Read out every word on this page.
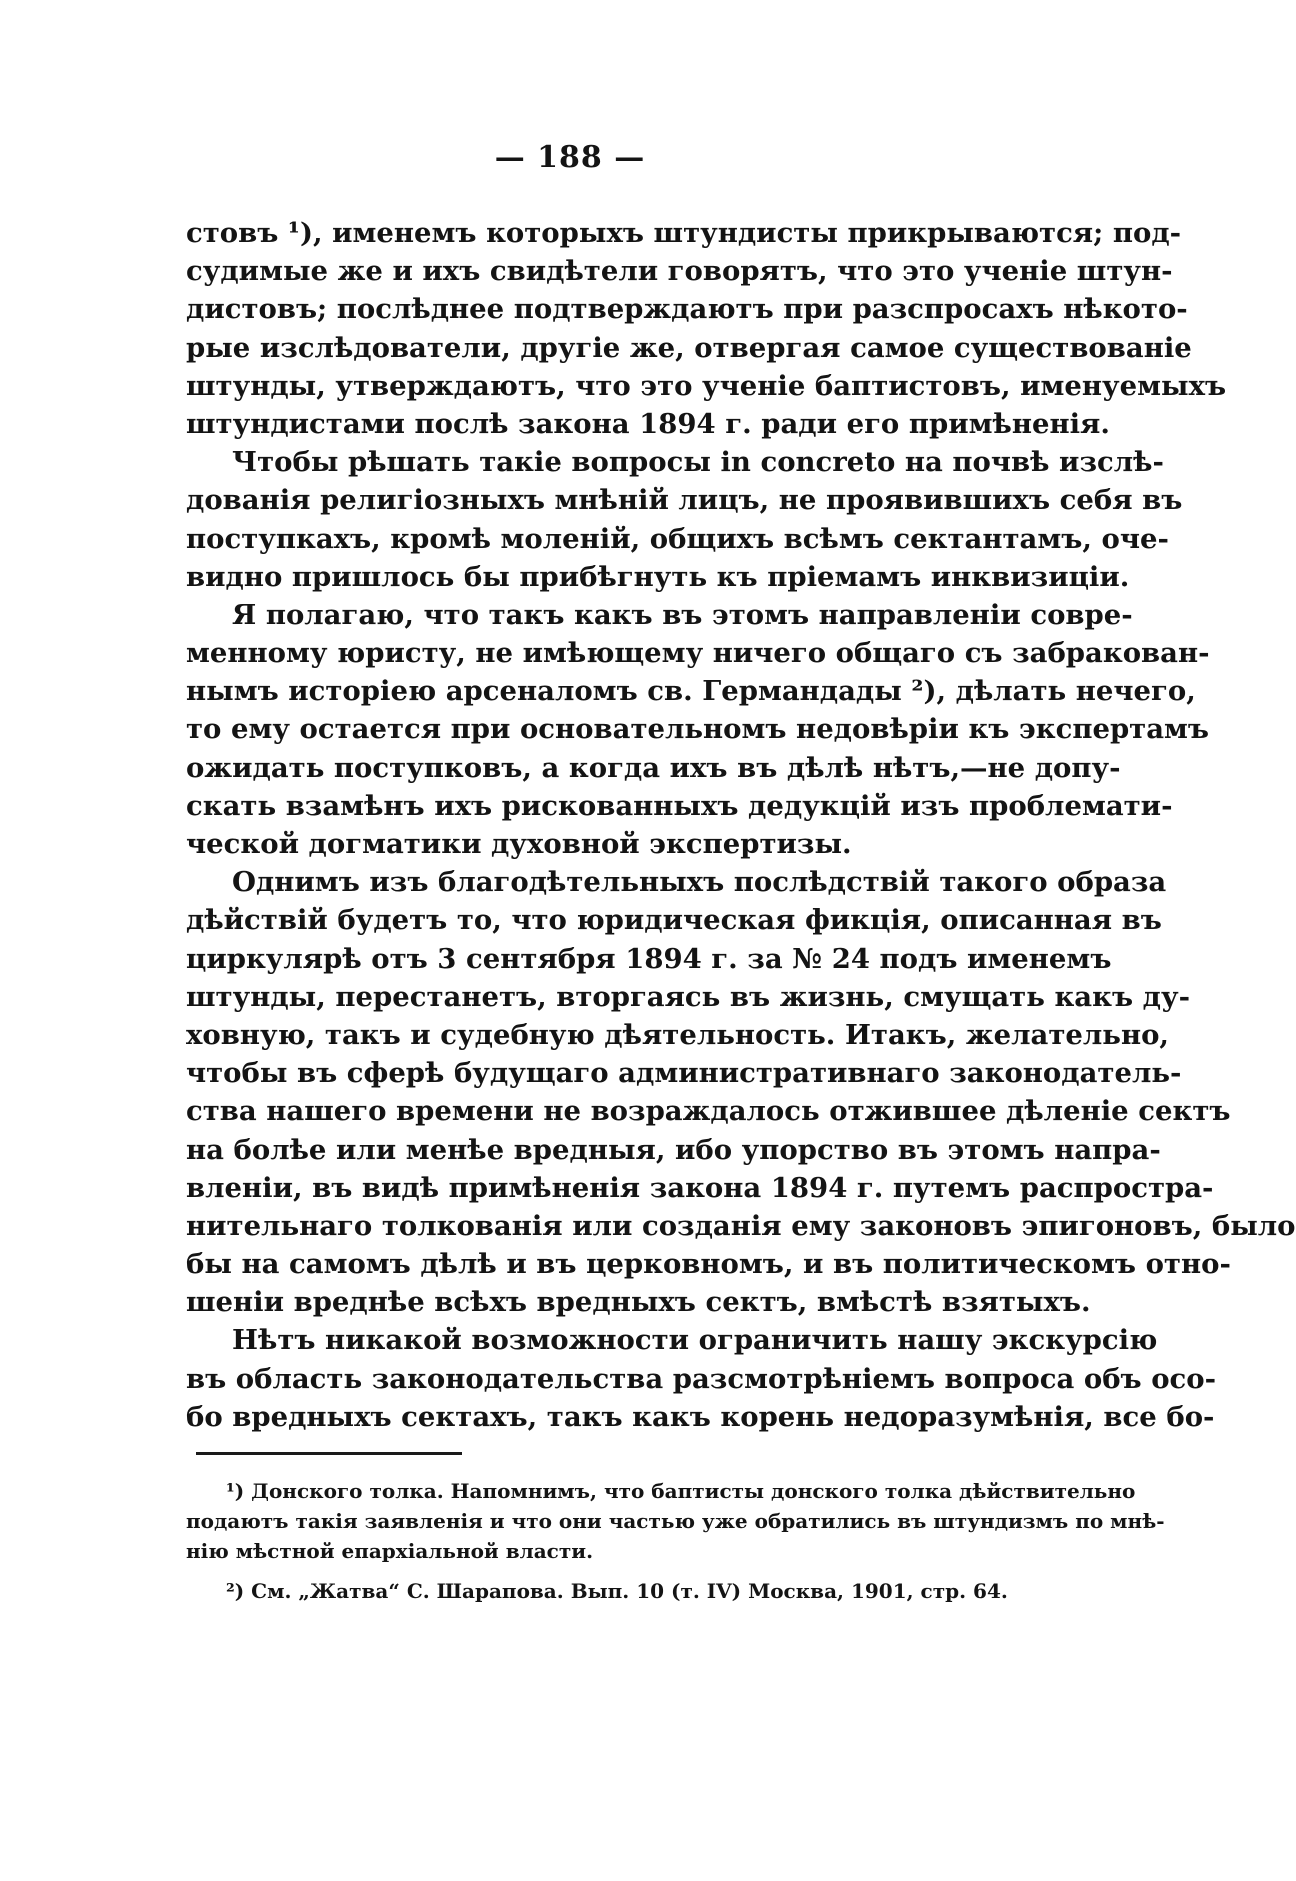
— 188 —
стовъ ¹), именемъ которыхъ штундисты прикрываются; под-
судимые же и ихъ свидѣтели говорятъ, что это ученіе штун-
дистовъ; послѣднее подтверждаютъ при разспросахъ нѣкото-
рые изслѣдователи, другіе же, отвергая самое существованіе
штунды, утверждаютъ, что это ученіе баптистовъ, именуемыхъ
штундистами послѣ закона 1894 г. ради его примѣненія.
Чтобы рѣшать такіе вопросы in concreto на почвѣ изслѣ-
дованія религіозныхъ мнѣній лицъ, не проявившихъ себя въ
поступкахъ, кромѣ моленій, общихъ всѣмъ сектантамъ, оче-
видно пришлось бы прибѣгнуть къ пріемамъ инквизиціи.
Я полагаю, что такъ какъ въ этомъ направленіи совре-
менному юристу, не имѣющему ничего общаго съ забракован-
нымъ исторіею арсеналомъ св. Германдады ²), дѣлать нечего,
то ему остается при основательномъ недовѣріи къ экспертамъ
ожидать поступковъ, а когда ихъ въ дѣлѣ нѣтъ,—не допу-
скать взамѣнъ ихъ рискованныхъ дедукцій изъ проблемати-
ческой догматики духовной экспертизы.
Однимъ изъ благодѣтельныхъ послѣдствій такого образа
дѣйствій будетъ то, что юридическая фикція, описанная въ
циркулярѣ отъ 3 сентября 1894 г. за № 24 подъ именемъ
штунды, перестанетъ, вторгаясь въ жизнь, смущать какъ ду-
ховную, такъ и судебную дѣятельность. Итакъ, желательно,
чтобы въ сферѣ будущаго административнаго законодатель-
ства нашего времени не возраждалось отжившее дѣленіе сектъ
на болѣе или менѣе вредныя, ибо упорство въ этомъ напра-
вленіи, въ видѣ примѣненія закона 1894 г. путемъ распростра-
нительнаго толкованія или созданія ему законовъ эпигоновъ, было
бы на самомъ дѣлѣ и въ церковномъ, и въ политическомъ отно-
шеніи вреднѣе всѣхъ вредныхъ сектъ, вмѣстѣ взятыхъ.
Нѣтъ никакой возможности ограничить нашу экскурсію
въ область законодательства разсмотрѣніемъ вопроса объ осо-
бо вредныхъ сектахъ, такъ какъ корень недоразумѣнія, все бо-
¹) Донского толка. Напомнимъ, что баптисты донского толка дѣйствительно
подаютъ такія заявленія и что они частью уже обратились въ штундизмъ по мнѣ-
нію мѣстной епархіальной власти.
²) См. „Жатва“ С. Шарапова. Вып. 10 (т. IV) Москва, 1901, стр. 64.
